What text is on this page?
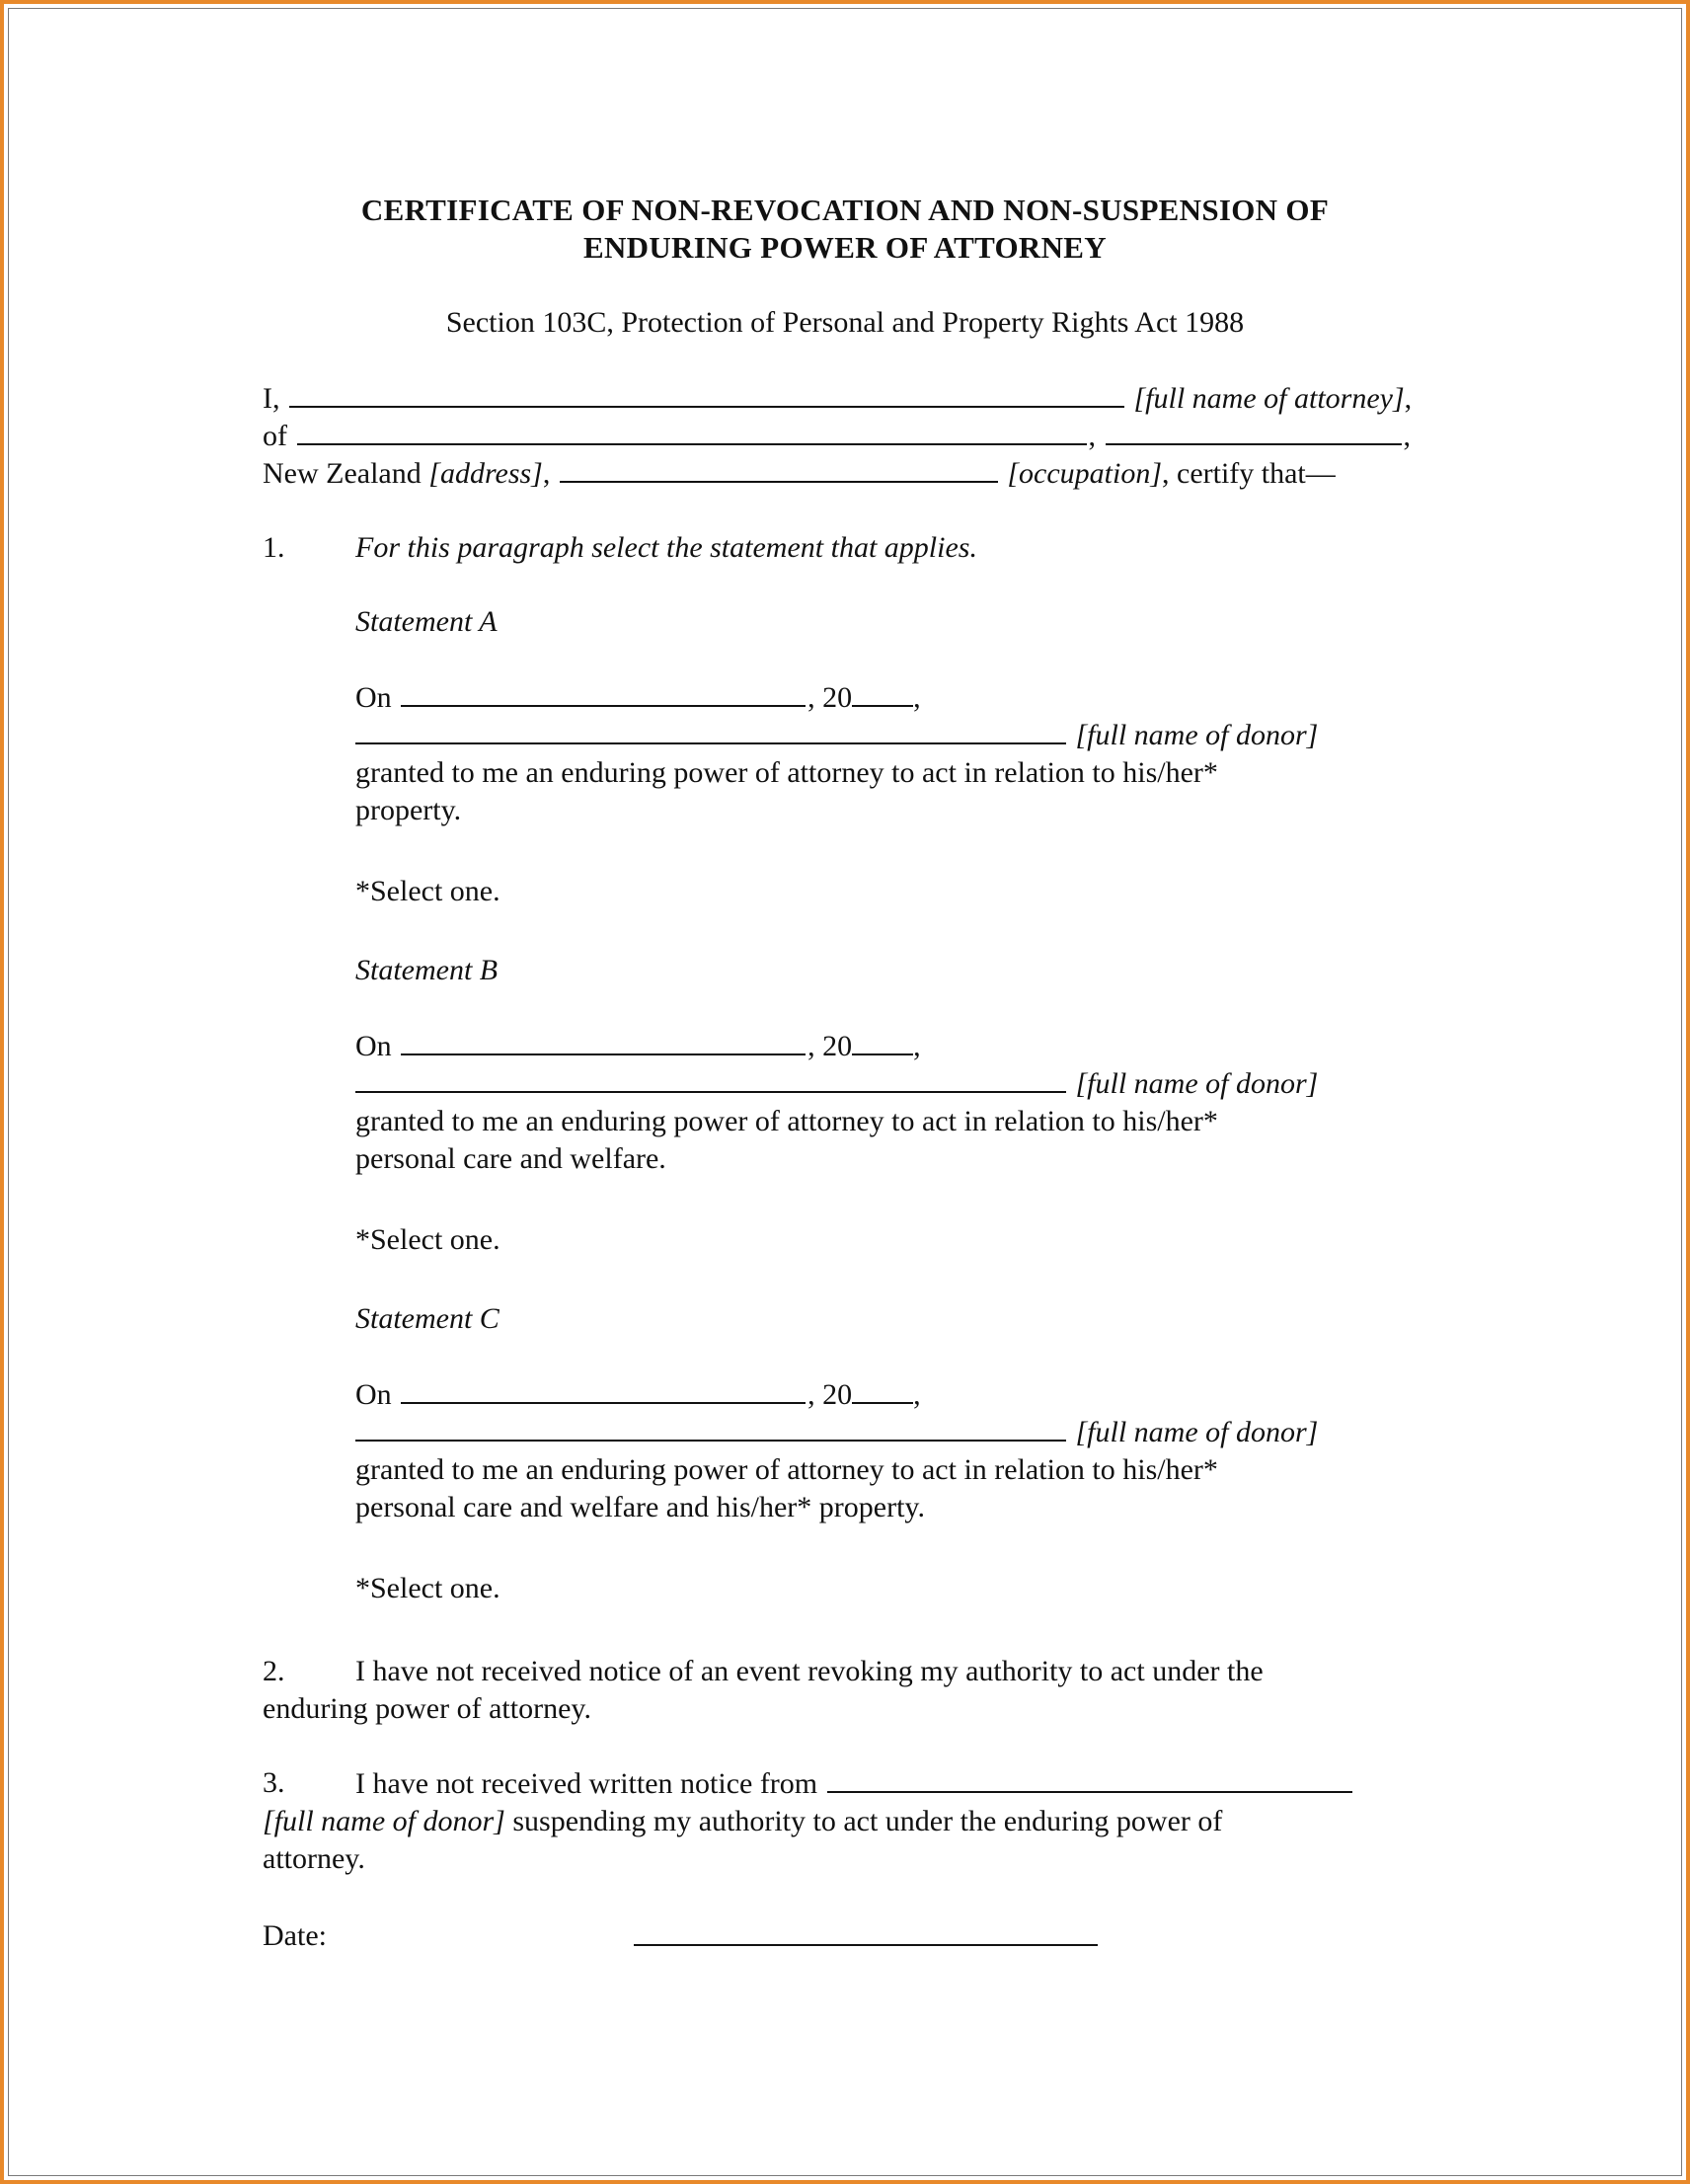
CERTIFICATE OF NON-REVOCATION AND NON-SUSPENSION OF
ENDURING POWER OF ATTORNEY
Section 103C, Protection of Personal and Property Rights Act 1988
I,	[full name of attorney],
of	,	,
New Zealand [address],	[occupation], certify that—
1. For this paragraph select the statement that applies.
Statement A
On	, 20 ,
[full name of donor]
granted to me an enduring power of attorney to act in relation to his/her*
property.
*Select one.
Statement B
On	, 20 ,
[full name of donor]
granted to me an enduring power of attorney to act in relation to his/her*
personal care and welfare.
*Select one.
Statement C
On	, 20 ,
[full name of donor]
granted to me an enduring power of attorney to act in relation to his/her*
personal care and welfare and his/her* property.
*Select one.
2. I have not received notice of an event revoking my authority to act under the
enduring power of attorney.
3. I have not received written notice from
[full name of donor] suspending my authority to act under the enduring power of
attorney.
Date:
